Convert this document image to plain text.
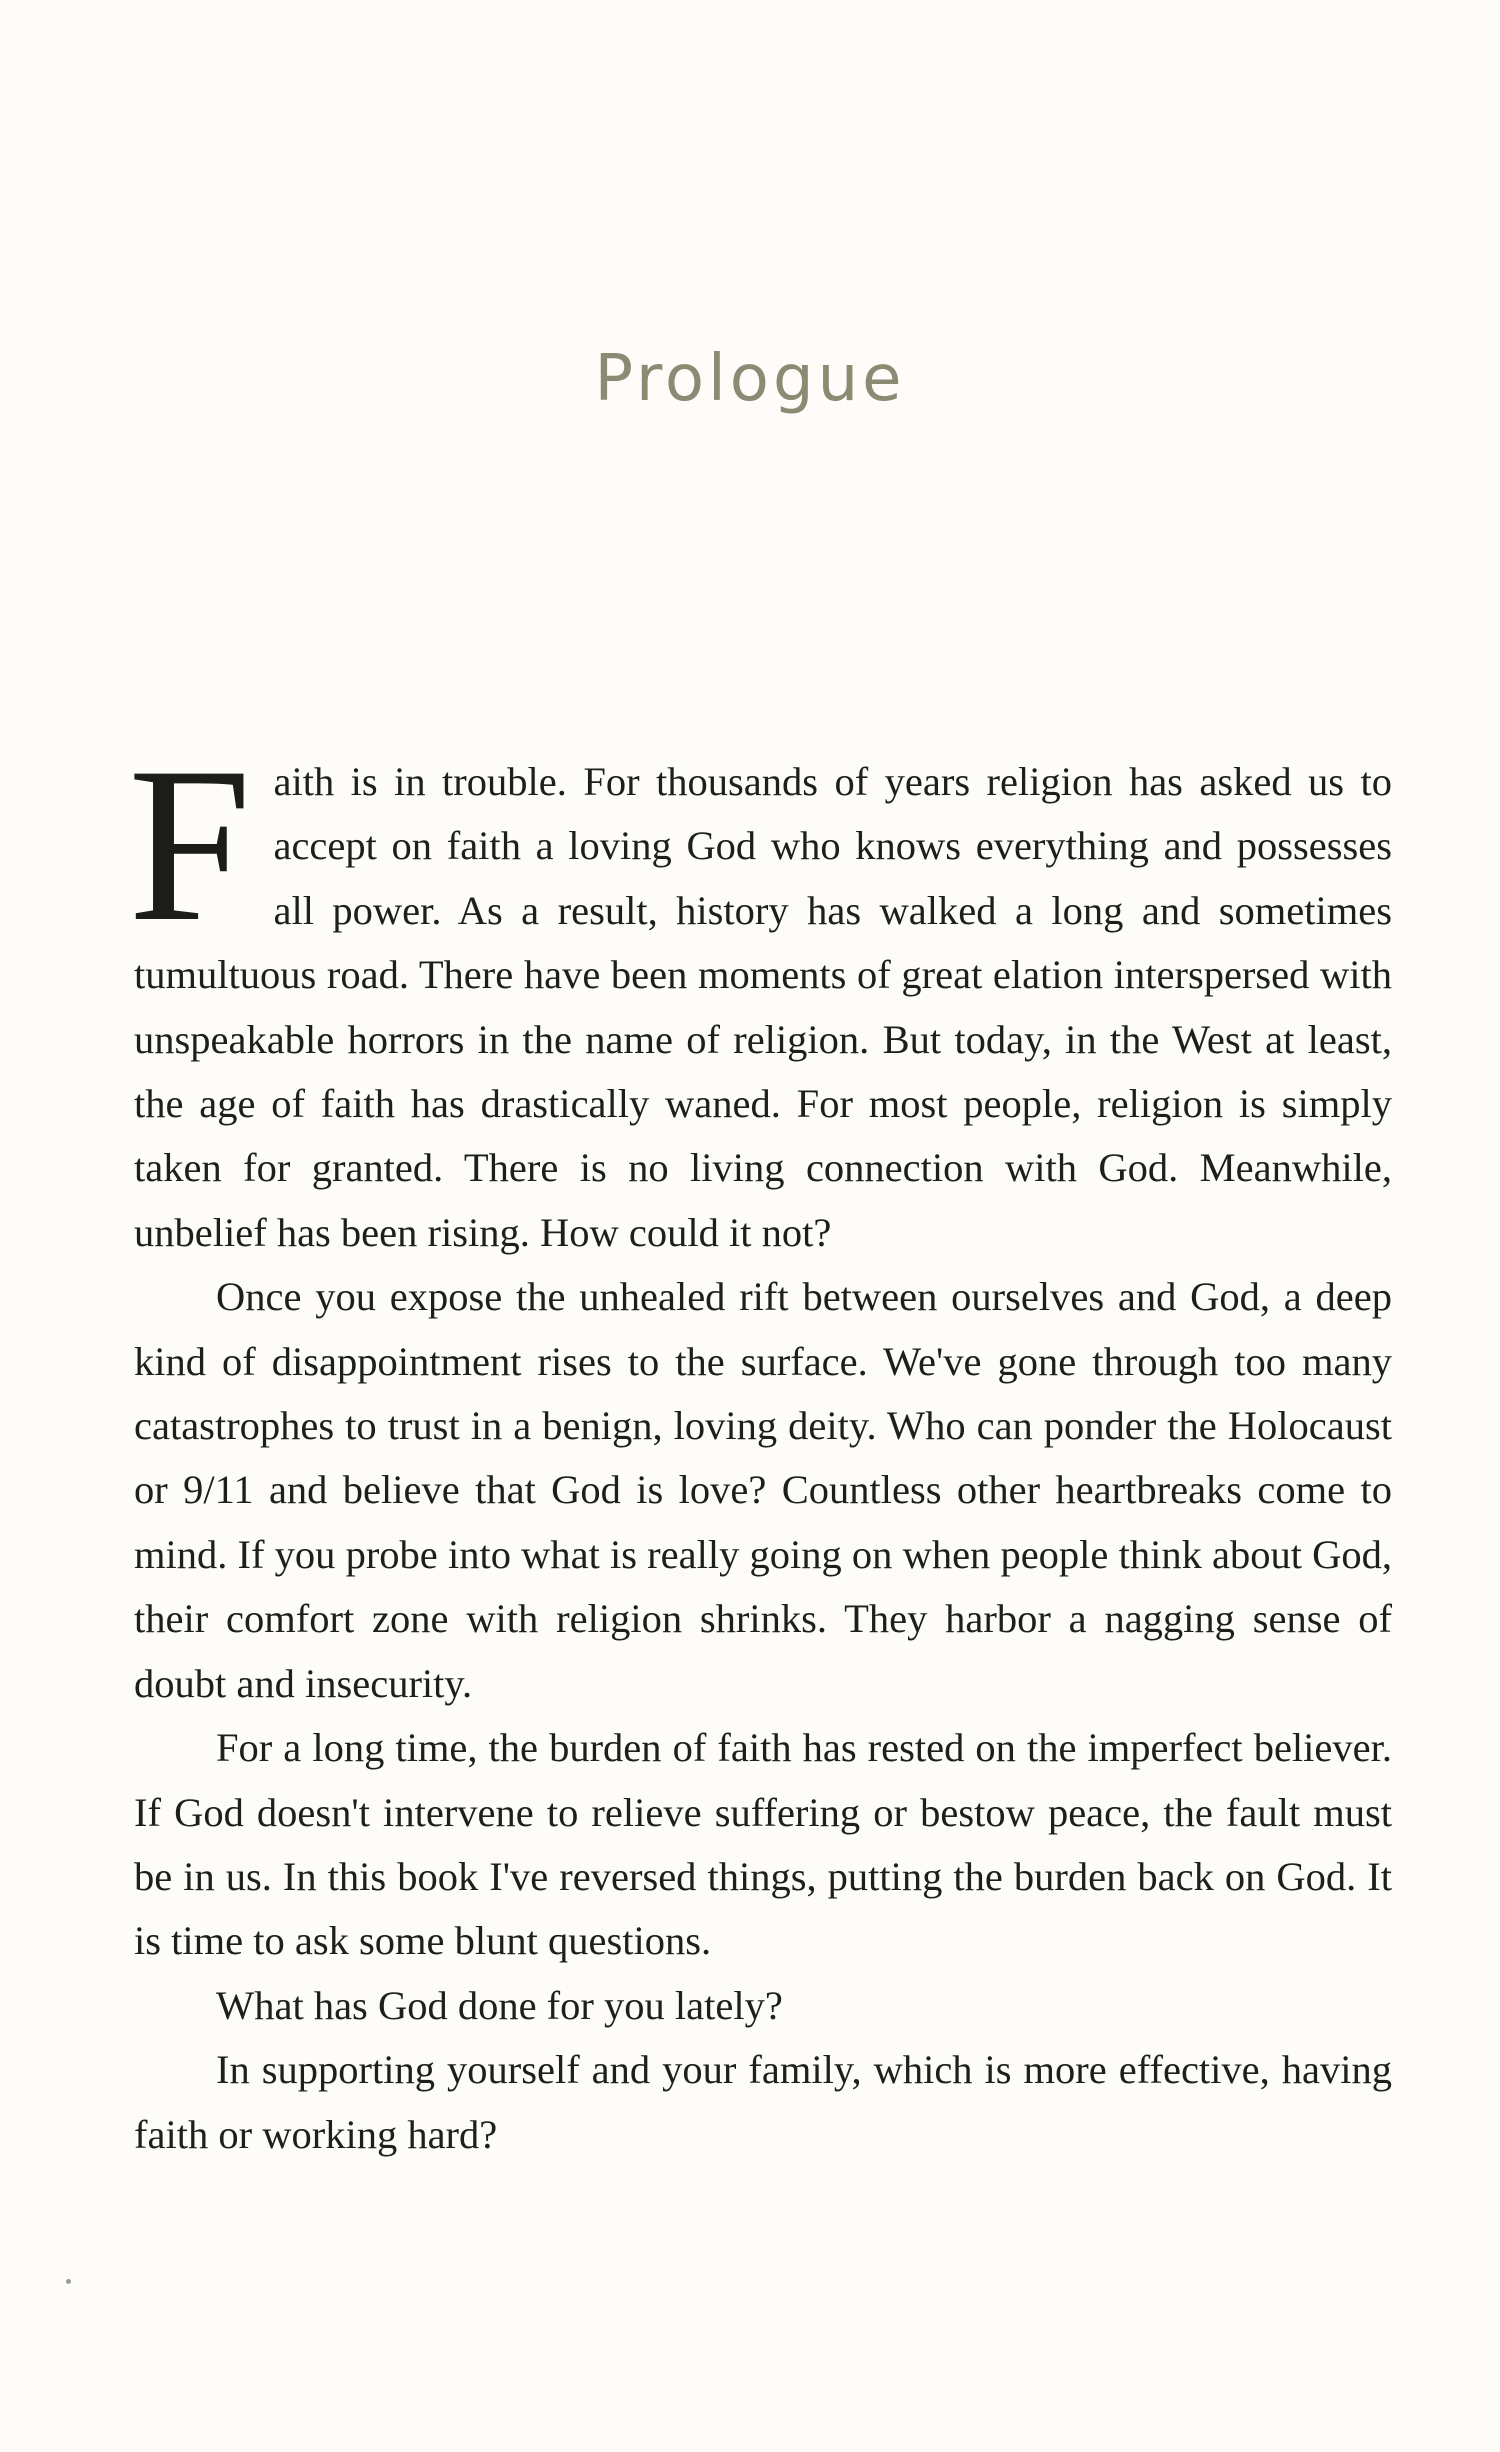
Prologue

Faith is in trouble. For thousands of years religion has asked us to accept on faith a loving God who knows everything and possesses all power. As a result, history has walked a long and sometimes tumultuous road. There have been moments of great elation interspersed with unspeakable horrors in the name of religion. But today, in the West at least, the age of faith has drastically waned. For most people, religion is simply taken for granted. There is no living connection with God. Meanwhile, unbelief has been rising. How could it not?

Once you expose the unhealed rift between ourselves and God, a deep kind of disappointment rises to the surface. We've gone through too many catastrophes to trust in a benign, loving deity. Who can ponder the Holocaust or 9/11 and believe that God is love? Countless other heartbreaks come to mind. If you probe into what is really going on when people think about God, their comfort zone with religion shrinks. They harbor a nagging sense of doubt and insecurity.

For a long time, the burden of faith has rested on the imperfect believer. If God doesn't intervene to relieve suffering or bestow peace, the fault must be in us. In this book I've reversed things, putting the burden back on God. It is time to ask some blunt questions.

What has God done for you lately?

In supporting yourself and your family, which is more effective, having faith or working hard?
